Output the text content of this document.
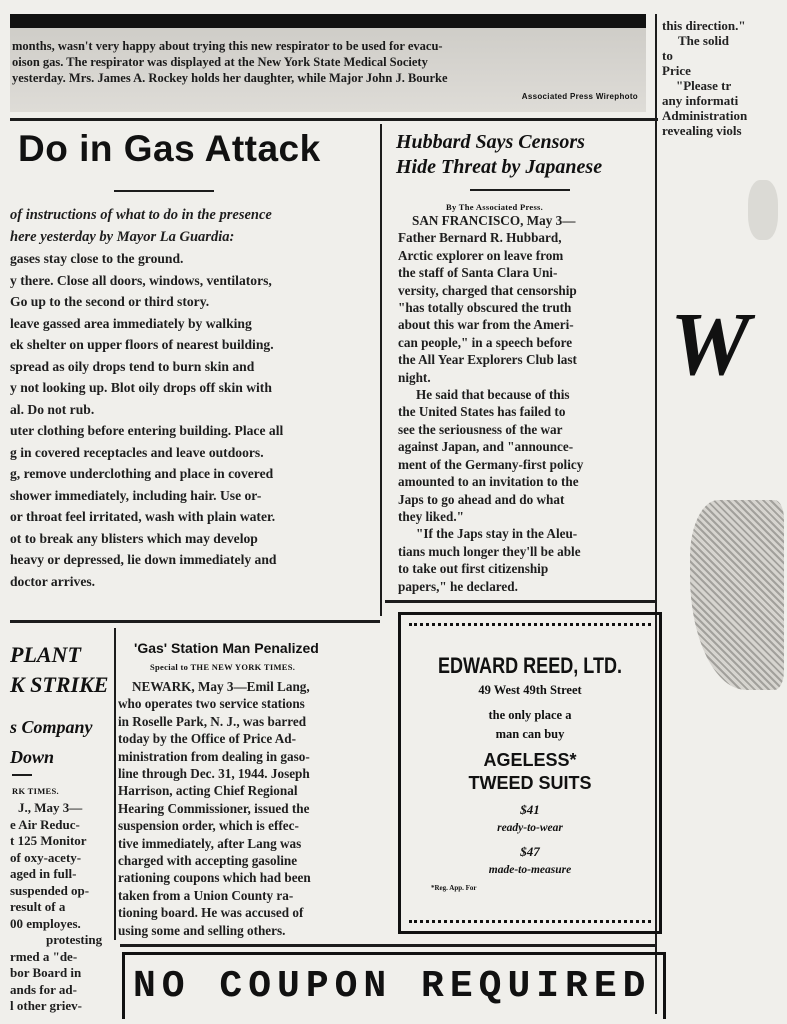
months, wasn't very happy about trying this new respirator to be used for evacu-
oison gas. The respirator was displayed at the New York State Medical Society
yesterday. Mrs. James A. Rockey holds her daughter, while Major John J. Bourke
Associated Press Wirephoto
Do in Gas Attack
of instructions of what to do in the presence
here yesterday by Mayor La Guardia:
gases stay close to the ground.
y there. Close all doors, windows, ventilators,
Go up to the second or third story.
leave gassed area immediately by walking
ek shelter on upper floors of nearest building.
spread as oily drops tend to burn skin and
y not looking up. Blot oily drops off skin with
al. Do not rub.
uter clothing before entering building. Place all
g in covered receptacles and leave outdoors.
g, remove underclothing and place in covered
shower immediately, including hair. Use or-
or throat feel irritated, wash with plain water.
ot to break any blisters which may develop
heavy or depressed, lie down immediately and
doctor arrives.
Hubbard Says Censors
Hide Threat by Japanese
By The Associated Press.
SAN FRANCISCO, May 3—
Father Bernard R. Hubbard,
Arctic explorer on leave from
the staff of Santa Clara Uni-
versity, charged that censorship
"has totally obscured the truth
about this war from the Ameri-
can people," in a speech before
the All Year Explorers Club last
night.
He said that because of this
the United States has failed to
see the seriousness of the war
against Japan, and "announce-
ment of the Germany-first policy
amounted to an invitation to the
Japs to go ahead and do what
they liked."
"If the Japs stay in the Aleu-
tians much longer they'll be able
to take out first citizenship
papers," he declared.
PLANT
K STRIKE
s Company
Down
RK TIMES.
J., May 3—
e Air Reduc-
t 125 Monitor
of oxy-acety-
aged in full-
suspended op-
result of a
00 employes.
protesting
rmed a "de-
bor Board in
ands for ad-
l other griev-
'Gas' Station Man Penalized
Special to THE NEW YORK TIMES.
NEWARK, May 3—Emil Lang,
who operates two service stations
in Roselle Park, N. J., was barred
today by the Office of Price Ad-
ministration from dealing in gaso-
line through Dec. 31, 1944. Joseph
Harrison, acting Chief Regional
Hearing Commissioner, issued the
suspension order, which is effec-
tive immediately, after Lang was
charged with accepting gasoline
rationing coupons which had been
taken from a Union County ra-
tioning board. He was accused of
using some and selling others.
EDWARD REED, LTD.
49 West 49th Street
the only place a
man can buy
AGELESS*
TWEED SUITS
$41
ready-to-wear
$47
made-to-measure
*Reg. App. For
NO COUPON REQUIRED
this direction."
The solid
to
Price
"Please tr
any informati
Administration
revealing viols
W
